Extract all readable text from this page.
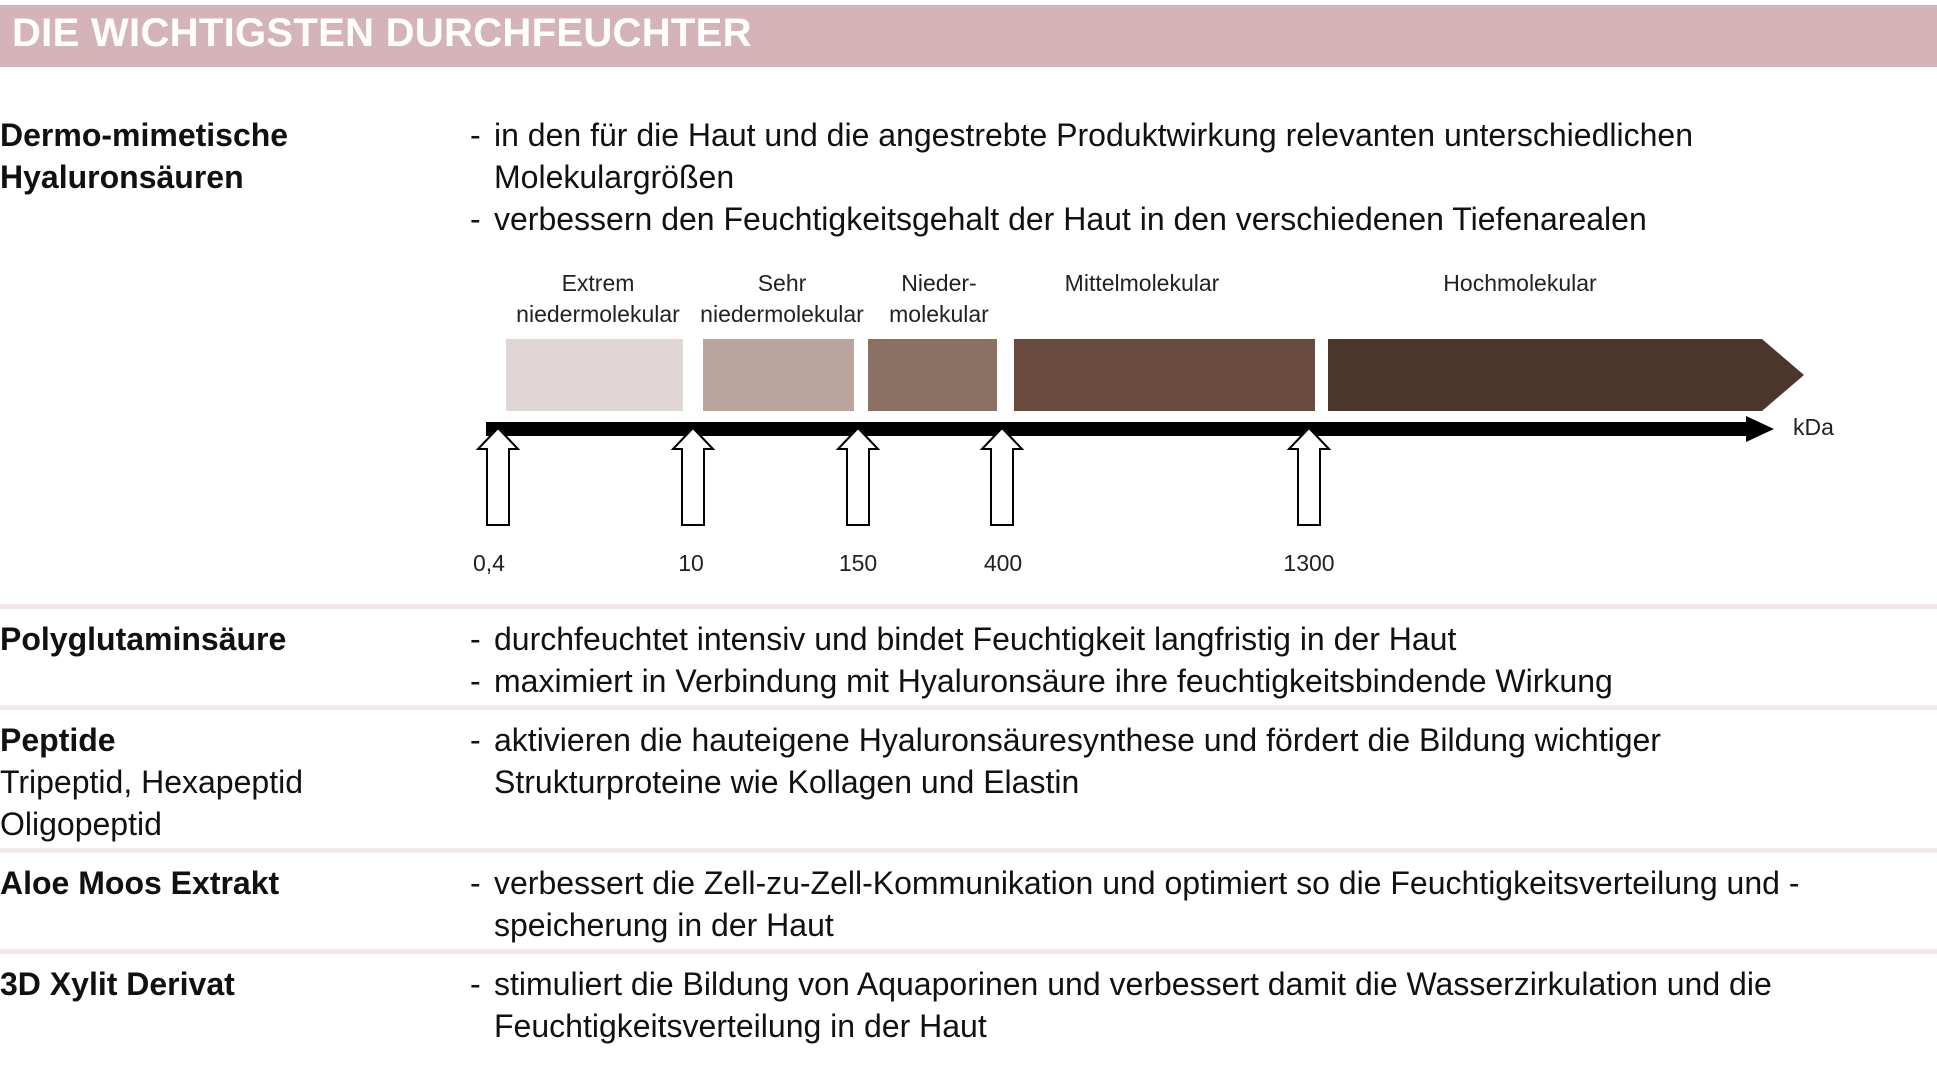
DIE WICHTIGSTEN DURCHFEUCHTER
Dermo-mimetische
Hyaluronsäuren
- in den für die Haut und die angestrebte Produktwirkung relevanten unterschiedlichen Molekulargrößen
- verbessern den Feuchtigkeitsgehalt der Haut in den verschiedenen Tiefenarealen
Extrem
niedermolekular
Sehr
niedermolekular
Nieder-
molekular
Mittelmolekular	Hochmolekular
kDa
0,4	10	150	400	1300
Polyglutaminsäure	- durchfeuchtet intensiv und bindet Feuchtigkeit langfristig in der Haut
- maximiert in Verbindung mit Hyaluronsäure ihre feuchtigkeitsbindende Wirkung
Peptide
Tripeptid, Hexapeptid
Oligopeptid
- aktivieren die hauteigene Hyaluronsäuresynthese und fördert die Bildung wichtiger Strukturproteine wie Kollagen und Elastin
Aloe Moos Extrakt	- verbessert die Zell-zu-Zell-Kommunikation und optimiert so die Feuchtigkeitsverteilung und -speicherung in der Haut
3D Xylit Derivat	- stimuliert die Bildung von Aquaporinen und verbessert damit die Wasserzirkulation und die Feuchtigkeitsverteilung in der Haut
